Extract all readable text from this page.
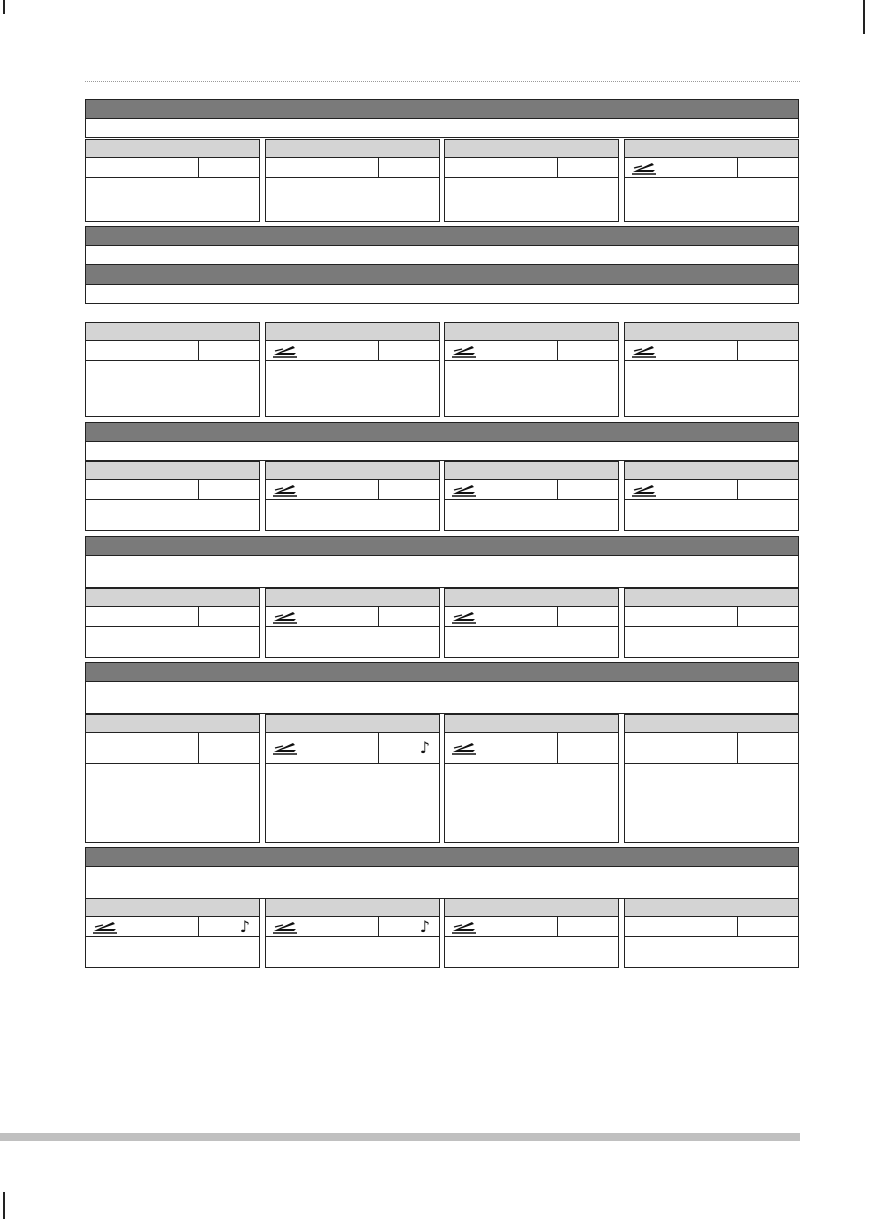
♪
♪	♪
